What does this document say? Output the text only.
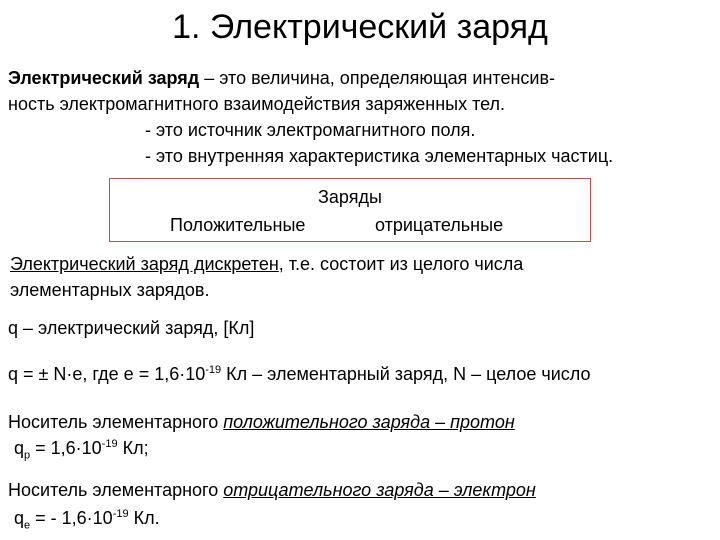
1. Электрический заряд
Электрический заряд – это величина, определяющая интенсив-
ность электромагнитного взаимодействия заряженных тел.
- это источник электромагнитного поля.
- это внутренняя характеристика элементарных частиц.
Заряды
Положительные	отрицательные
Электрический заряд дискретен, т.е. состоит из целого числа
элементарных зарядов.
q – электрический заряд, [Кл]
q = ± N·e, где $e = 1,6\cdot 10^{-19}$ Кл – элементарный заряд, N – целое число
Носитель элементарного положительного заряда – протон
$q_p = 1,6\cdot 10^{-19}$ Кл;
Носитель элементарного отрицательного заряда – электрон
$q_e$ = - $1,6\cdot 10^{-19}$ Кл.
